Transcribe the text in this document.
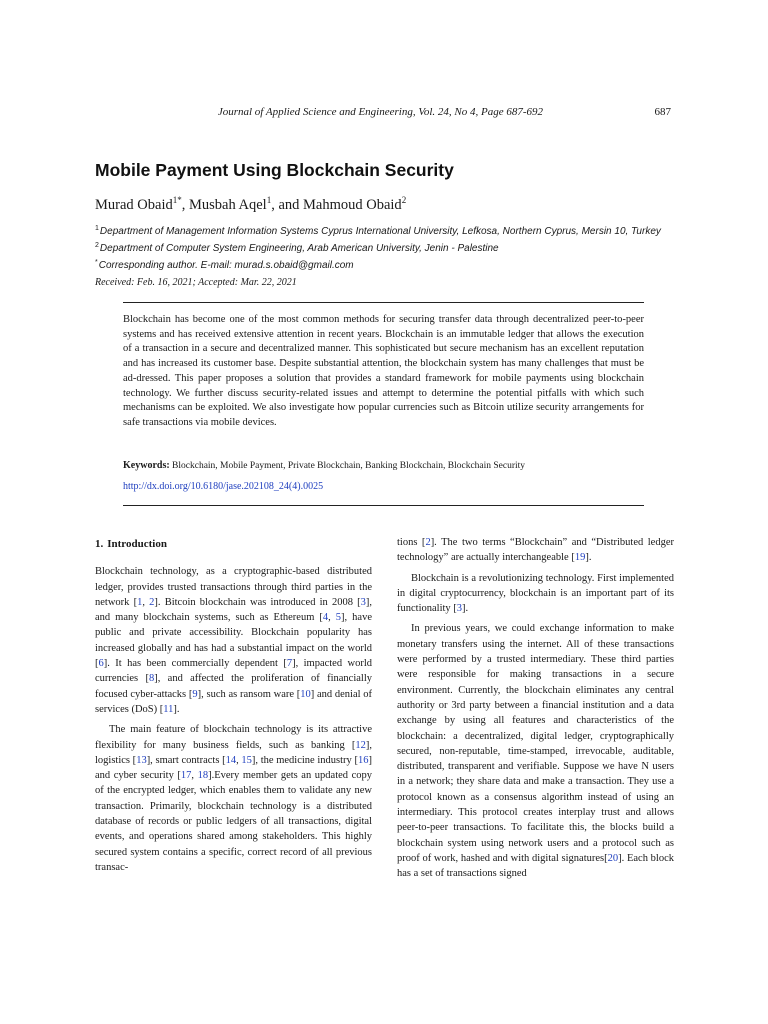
Journal of Applied Science and Engineering, Vol. 24, No 4, Page 687-692	687
Mobile Payment Using Blockchain Security
Murad Obaid$^{1*}$, Musbah Aqel$^1$, and Mahmoud Obaid$^2$
$^1$Department of Management Information Systems Cyprus International University, Lefkosa, Northern Cyprus, Mersin 10, Turkey
$^2$Department of Computer System Engineering, Arab American University, Jenin - Palestine
*Corresponding author. E-mail: murad.s.obaid@gmail.com
Received: Feb. 16, 2021; Accepted: Mar. 22, 2021

Blockchain has become one of the most common methods for securing transfer data through decentralized peer-to-peer systems and has received extensive attention in recent years. Blockchain is an immutable ledger that allows the execution of a transaction in a secure and decentralized manner. This sophisticated but secure mechanism has an excellent reputation and has increased its customer base. Despite substantial attention, the blockchain system has many challenges that must be ad-dressed. This paper proposes a solution that provides a standard framework for mobile payments using blockchain technology. We further discuss security-related issues and attempt to determine the potential pitfalls with which such mechanisms can be exploited. We also investigate how popular currencies such as Bitcoin utilize security arrangements for safe transactions via mobile devices.

Keywords: Blockchain, Mobile Payment, Private Blockchain, Banking Blockchain, Blockchain Security
http://dx.doi.org/10.6180/jase.202108_24(4).0025
1. Introduction

Blockchain technology, as a cryptographic-based distributed ledger, provides trusted transactions through third parties in the network [1, 2]. Bitcoin blockchain was introduced in 2008 [3], and many blockchain systems, such as Ethereum [4, 5], have public and private accessibility. Blockchain popularity has increased globally and has had a substantial impact on the world [6]. It has been commercially dependent [7], impacted world currencies [8], and affected the proliferation of financially focused cyber-attacks [9], such as ransom ware [10] and denial of services (DoS) [11].

The main feature of blockchain technology is its attractive flexibility for many business fields, such as banking [12], logistics [13], smart contracts [14, 15], the medicine industry [16] and cyber security [17, 18].Every member gets an updated copy of the encrypted ledger, which enables them to validate any new transaction. Primarily, blockchain technology is a distributed database of records or public ledgers of all transactions, digital events, and operations shared among stakeholders. This highly secured system contains a specific, correct record of all previous transac-

tions [2]. The two terms “Blockchain” and “Distributed ledger technology” are actually interchangeable [19].

Blockchain is a revolutionizing technology. First implemented in digital cryptocurrency, blockchain is an important part of its functionality [3].

In previous years, we could exchange information to make monetary transfers using the internet. All of these transactions were performed by a trusted intermediary. These third parties were responsible for making transactions in a secure environment. Currently, the blockchain eliminates any central authority or 3rd party between a financial institution and a data exchange by using all features and characteristics of the blockchain: a decentralized, digital ledger, cryptographically secured, non-reputable, time-stamped, irrevocable, auditable, distributed, transparent and verifiable. Suppose we have N users in a network; they share data and make a transaction. They use a protocol known as a consensus algorithm instead of using an intermediary. This protocol creates interplay trust and allows peer-to-peer transactions. To facilitate this, the blocks build a blockchain system using network users and a protocol such as proof of work, hashed and with digital signatures[20]. Each block has a set of transactions signed
